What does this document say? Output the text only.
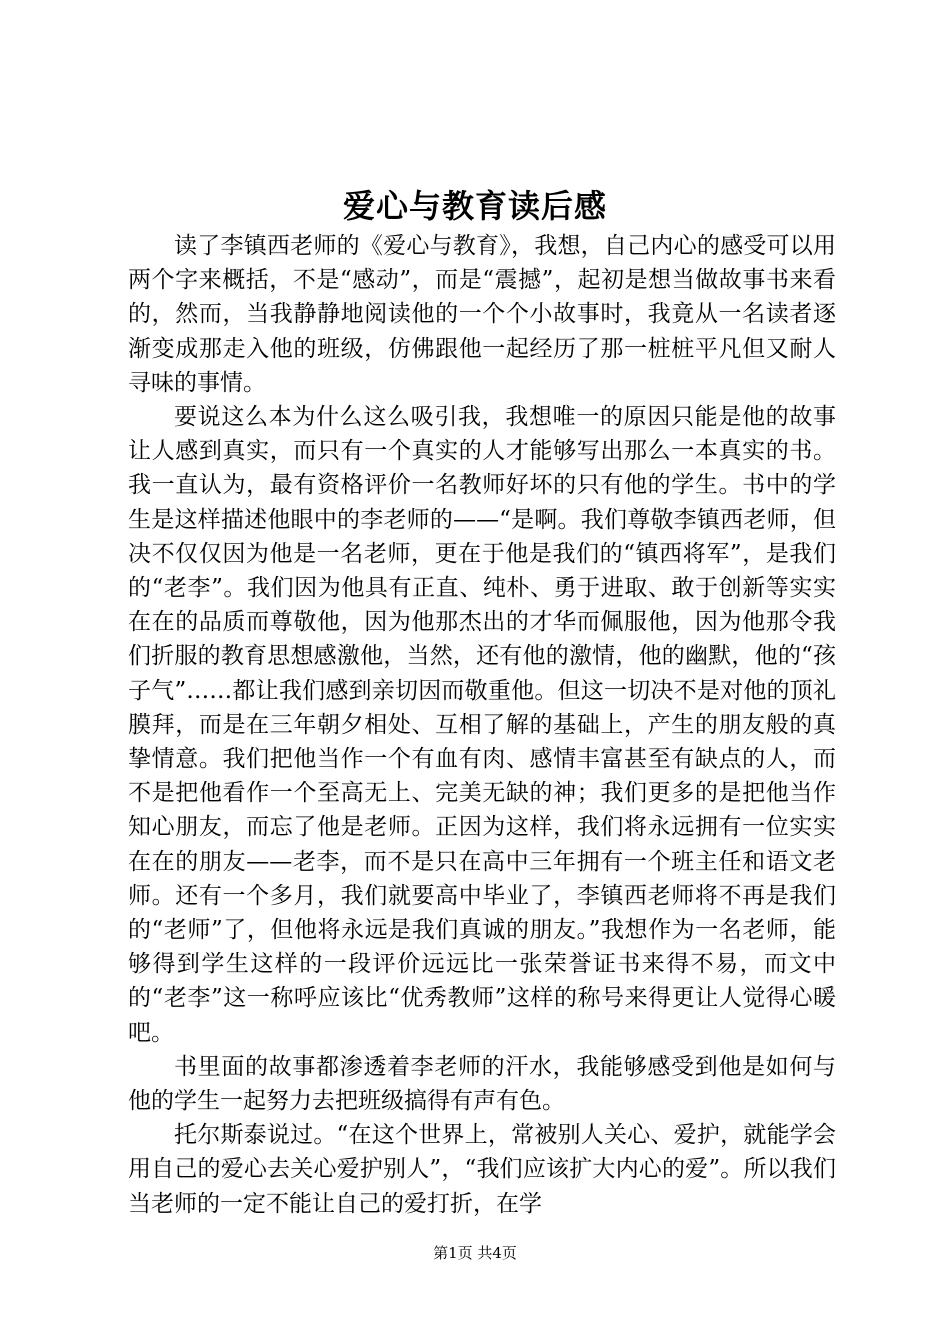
爱心与教育读后感

读了李镇西老师的《爱心与教育》，我想，自己内心的感受可以用两个字来概括，不是“感动”，而是“震撼”，起初是想当做故事书来看的，然而，当我静静地阅读他的一个个小故事时，我竟从一名读者逐渐变成那走入他的班级，仿佛跟他一起经历了那一桩桩平凡但又耐人寻味的事情。

要说这么本为什么这么吸引我，我想唯一的原因只能是他的故事让人感到真实，而只有一个真实的人才能够写出那么一本真实的书。我一直认为，最有资格评价一名教师好坏的只有他的学生。书中的学生是这样描述他眼中的李老师的——“是啊。我们尊敬李镇西老师，但决不仅仅因为他是一名老师，更在于他是我们的“镇西将军”，是我们的“老李”。我们因为他具有正直、纯朴、勇于进取、敢于创新等实实在在的品质而尊敬他，因为他那杰出的才华而佩服他，因为他那令我们折服的教育思想感激他，当然，还有他的激情，他的幽默，他的“孩子气”……都让我们感到亲切因而敬重他。但这一切决不是对他的顶礼膜拜，而是在三年朝夕相处、互相了解的基础上，产生的朋友般的真挚情意。我们把他当作一个有血有肉、感情丰富甚至有缺点的人，而不是把他看作一个至高无上、完美无缺的神；我们更多的是把他当作知心朋友，而忘了他是老师。正因为这样，我们将永远拥有一位实实在在的朋友——老李，而不是只在高中三年拥有一个班主任和语文老师。还有一个多月，我们就要高中毕业了，李镇西老师将不再是我们的“老师”了，但他将永远是我们真诚的朋友。”我想作为一名老师，能够得到学生这样的一段评价远远比一张荣誉证书来得不易，而文中的“老李”这一称呼应该比“优秀教师”这样的称号来得更让人觉得心暖吧。

书里面的故事都渗透着李老师的汗水，我能够感受到他是如何与他的学生一起努力去把班级搞得有声有色。

托尔斯泰说过。“在这个世界上，常被别人关心、爱护，就能学会用自己的爱心去关心爱护别人”，“我们应该扩大内心的爱”。所以我们当老师的一定不能让自己的爱打折，在学

第1页 共4页
